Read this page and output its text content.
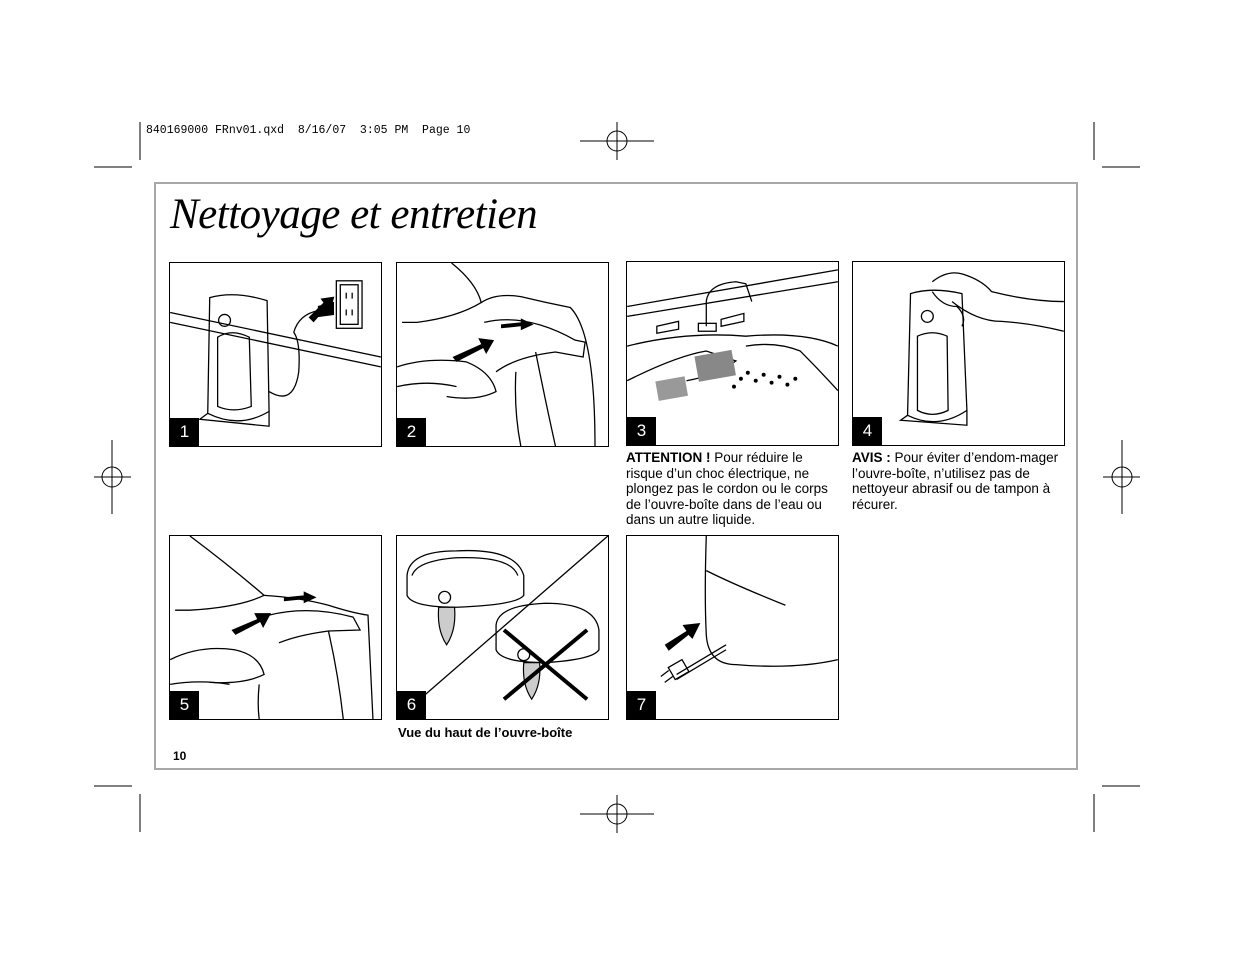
840169000 FRnv01.qxd  8/16/07  3:05 PM  Page 10
Nettoyage et entretien
1	2	3	4
ATTENTION ! Pour réduire le risque d’un choc électrique, ne plongez pas le cordon ou le corps de l’ouvre-boîte dans de l’eau ou dans un autre liquide.
AVIS : Pour éviter d’endom-mager l’ouvre-boîte, n’utilisez pas de nettoyeur abrasif ou de tampon à récurer.
5	6
Vue du haut de l’ouvre-boîte
7
10
